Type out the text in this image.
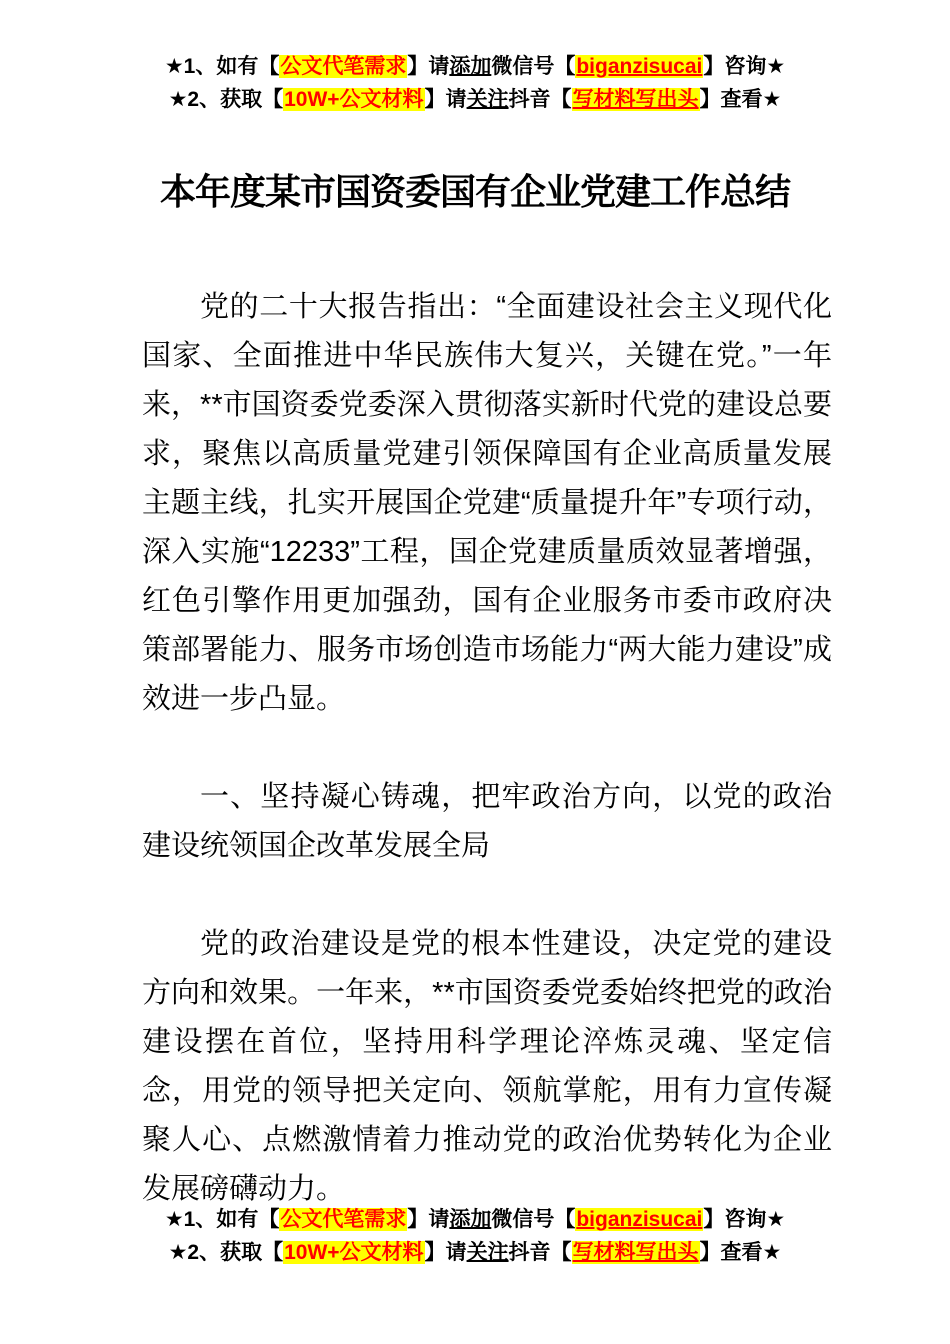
★1、如有【公文代笔需求】请添加微信号【biganzisucai】咨询★
★2、获取【10W+公文材料】请关注抖音【写材料写出头】查看★
本年度某市国资委国有企业党建工作总结

党的二十大报告指出：“全面建设社会主义现代化国家、全面推进中华民族伟大复兴，关键在党。”一年来，**市国资委党委深入贯彻落实新时代党的建设总要求，聚焦以高质量党建引领保障国有企业高质量发展主题主线，扎实开展国企党建“质量提升年”专项行动，深入实施“12233”工程，国企党建质量质效显著增强，红色引擎作用更加强劲，国有企业服务市委市政府决策部署能力、服务市场创造市场能力“两大能力建设”成效进一步凸显。

一、坚持凝心铸魂，把牢政治方向，以党的政治建设统领国企改革发展全局

党的政治建设是党的根本性建设，决定党的建设方向和效果。一年来，**市国资委党委始终把党的政治建设摆在首位，坚持用科学理论淬炼灵魂、坚定信念，用党的领导把关定向、领航掌舵，用有力宣传凝聚人心、点燃激情着力推动党的政治优势转化为企业发展磅礴动力。

★1、如有【公文代笔需求】请添加微信号【biganzisucai】咨询★
★2、获取【10W+公文材料】请关注抖音【写材料写出头】查看★
